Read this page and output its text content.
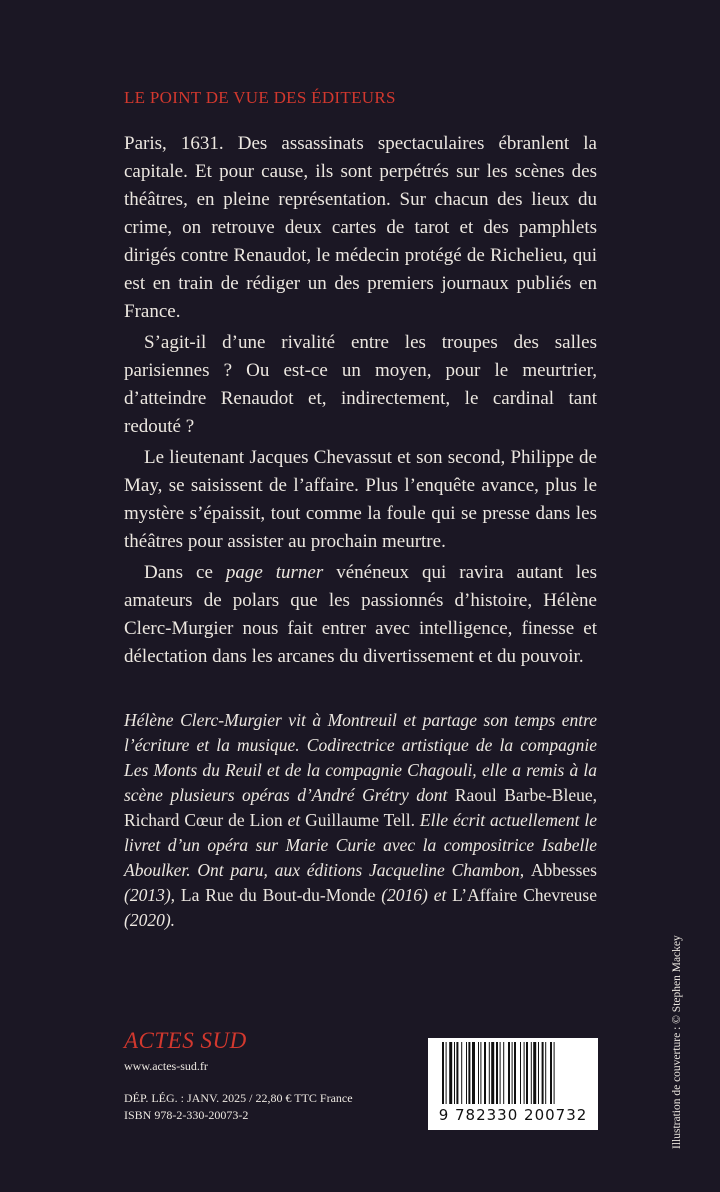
LE POINT DE VUE DES ÉDITEURS

Paris, 1631. Des assassinats spectaculaires ébranlent la capitale. Et pour cause, ils sont perpétrés sur les scènes des théâtres, en pleine représentation. Sur chacun des lieux du crime, on retrouve deux cartes de tarot et des pamphlets dirigés contre Renaudot, le médecin protégé de Richelieu, qui est en train de rédiger un des premiers journaux publiés en France.

S’agit-il d’une rivalité entre les troupes des salles parisiennes ? Ou est-ce un moyen, pour le meurtrier, d’atteindre Renaudot et, indirectement, le cardinal tant redouté ?

Le lieutenant Jacques Chevassut et son second, Philippe de May, se saisissent de l’affaire. Plus l’enquête avance, plus le mystère s’épaissit, tout comme la foule qui se presse dans les théâtres pour assister au prochain meurtre.

Dans ce page turner vénéneux qui ravira autant les amateurs de polars que les passionnés d’histoire, Hélène Clerc-Murgier nous fait entrer avec intelligence, finesse et délectation dans les arcanes du divertissement et du pouvoir.

Hélène Clerc-Murgier vit à Montreuil et partage son temps entre l’écriture et la musique. Codirectrice artistique de la compagnie Les Monts du Reuil et de la compagnie Chagouli, elle a remis à la scène plusieurs opéras d’André Grétry dont Raoul Barbe-Bleue, Richard Cœur de Lion et Guillaume Tell. Elle écrit actuellement le livret d’un opéra sur Marie Curie avec la compositrice Isabelle Aboulker. Ont paru, aux éditions Jacqueline Chambon, Abbesses (2013), La Rue du Bout-du-Monde (2016) et L’Affaire Chevreuse (2020).
ACTES SUD
www.actes-sud.fr
DÉP. LÉG. : JANV. 2025 / 22,80 € TTC France
ISBN 978-2-330-20073-2	9 782330 200732	Illustration de couverture : © Stephen Mackey
